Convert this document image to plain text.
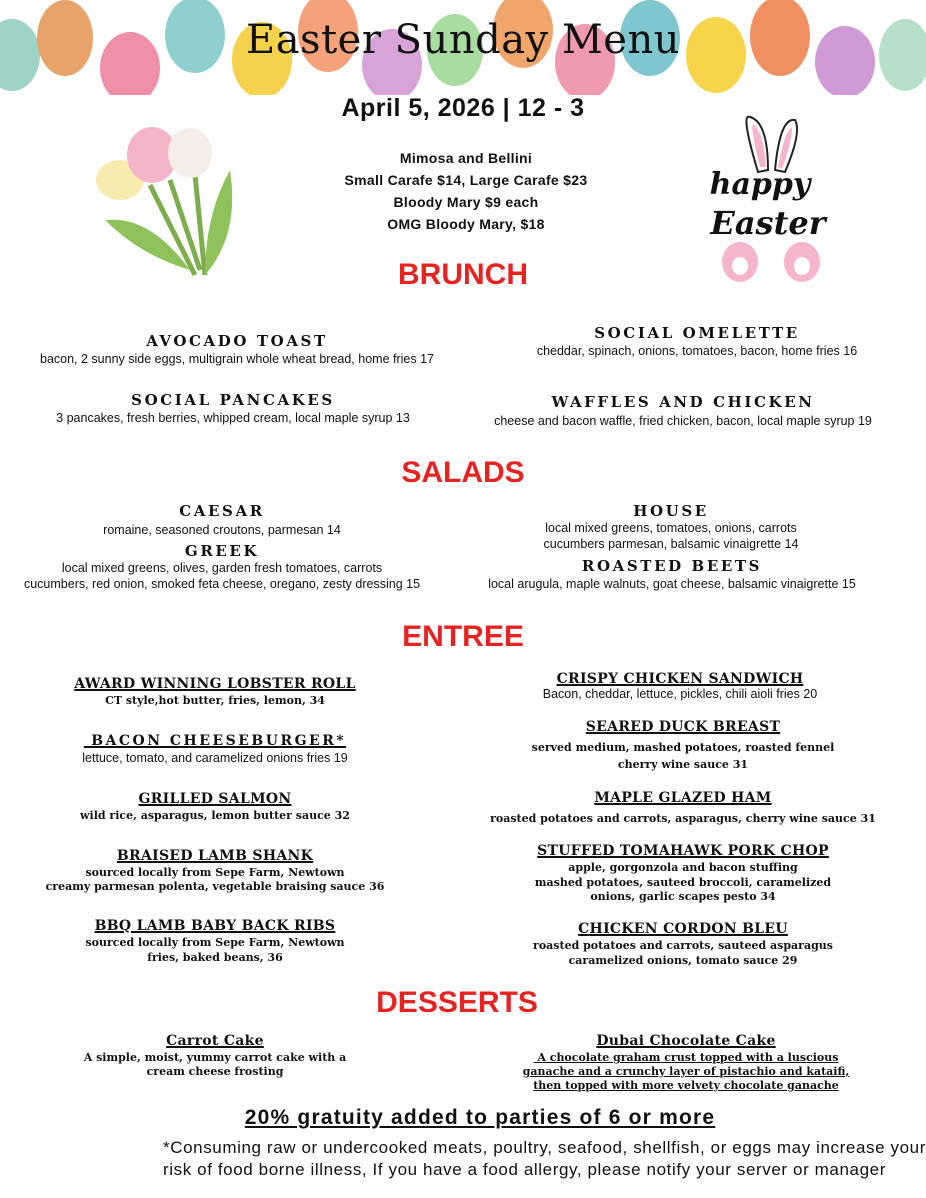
Easter Sunday Menu
April 5, 2026 | 12 - 3
Mimosa and Bellini
Small Carafe $14, Large Carafe $23
Bloody Mary $9 each
OMG Bloody Mary, $18
happy
Easter
BRUNCH
AVOCADO TOAST
bacon, 2 sunny side eggs, multigrain whole wheat bread, home fries 17
SOCIAL OMELETTE
cheddar, spinach, onions, tomatoes, bacon, home fries 16
SOCIAL PANCAKES
3 pancakes, fresh berries, whipped cream, local maple syrup 13
WAFFLES AND CHICKEN
cheese and bacon waffle, fried chicken, bacon, local maple syrup 19
SALADS
CAESAR
romaine, seasoned croutons, parmesan 14
HOUSE
local mixed greens, tomatoes, onions, carrots
cucumbers parmesan, balsamic vinaigrette 14
GREEK
local mixed greens, olives, garden fresh tomatoes, carrots
cucumbers, red onion, smoked feta cheese, oregano, zesty dressing 15
ROASTED BEETS
local arugula, maple walnuts, goat cheese, balsamic vinaigrette 15
ENTREE
AWARD WINNING LOBSTER ROLL
CT style,hot butter, fries, lemon, 34
CRISPY CHICKEN SANDWICH
Bacon, cheddar, lettuce, pickles, chili aioli fries 20
BACON CHEESEBURGER*
lettuce, tomato, and caramelized onions fries 19
SEARED DUCK BREAST
served medium, mashed potatoes, roasted fennel
cherry wine sauce 31
GRILLED SALMON
wild rice, asparagus, lemon butter sauce 32
MAPLE GLAZED HAM
roasted potatoes and carrots, asparagus, cherry wine sauce 31
BRAISED LAMB SHANK
sourced locally from Sepe Farm, Newtown
creamy parmesan polenta, vegetable braising sauce 36
STUFFED TOMAHAWK PORK CHOP
apple, gorgonzola and bacon stuffing
mashed potatoes, sauteed broccoli, caramelized
onions, garlic scapes pesto 34
BBQ LAMB BABY BACK RIBS
sourced locally from Sepe Farm, Newtown
fries, baked beans, 36
CHICKEN CORDON BLEU
roasted potatoes and carrots, sauteed asparagus
caramelized onions, tomato sauce 29
DESSERTS
Carrot Cake
A simple, moist, yummy carrot cake with a
cream cheese frosting
Dubai Chocolate Cake
A chocolate graham crust topped with a luscious
ganache and a crunchy layer of pistachio and kataifi,
then topped with more velvety chocolate ganache
20% gratuity added to parties of 6 or more
*Consuming raw or undercooked meats, poultry, seafood, shellfish, or eggs may increase your
risk of food borne illness, If you have a food allergy, please notify your server or manager
